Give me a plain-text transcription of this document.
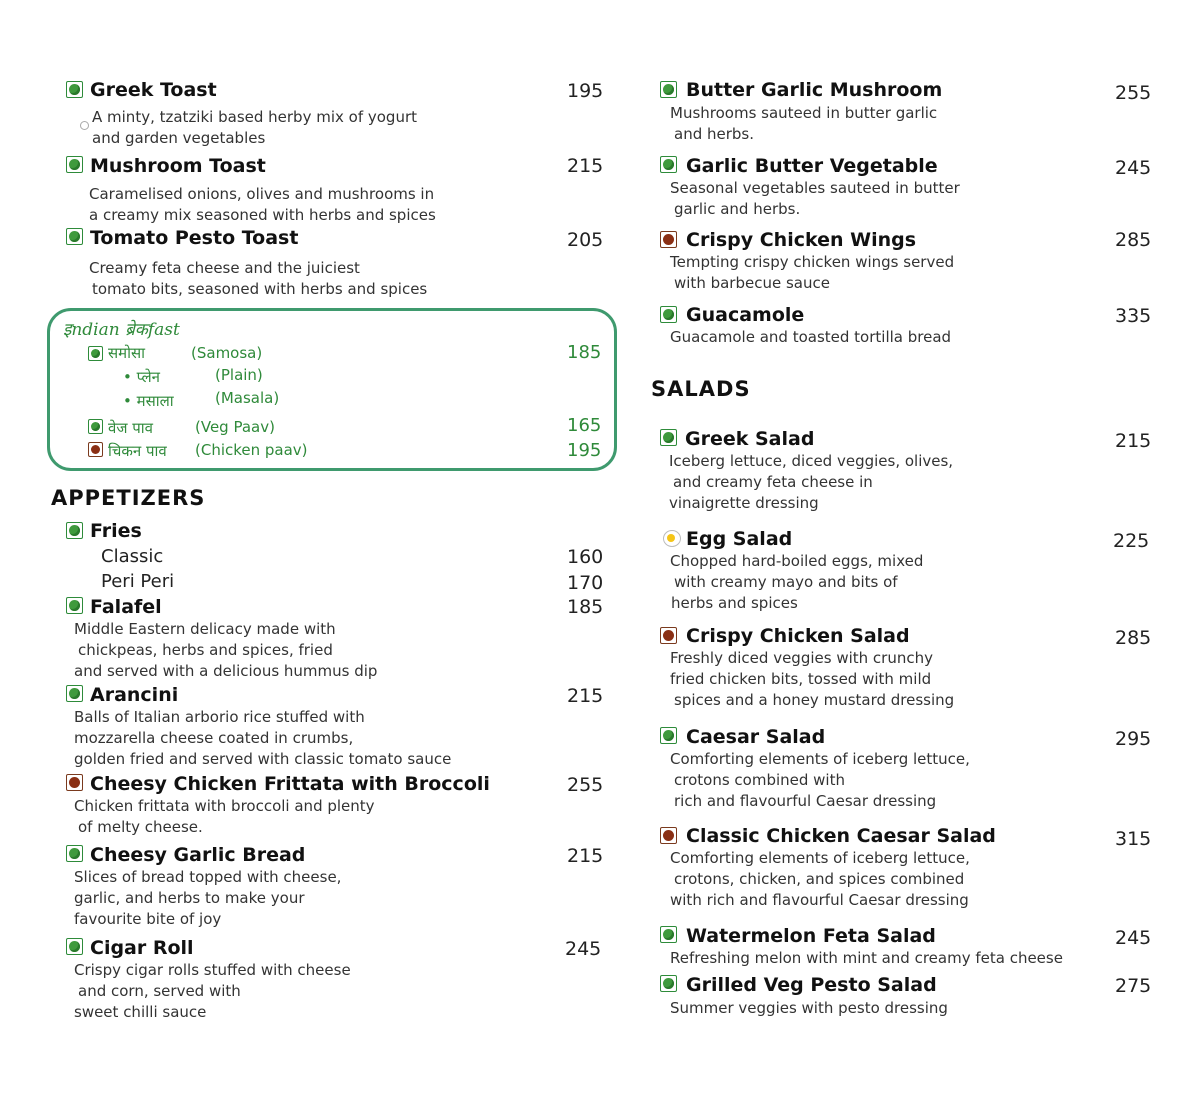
Greek Toast	195
A minty, tzatziki based herby mix of yogurt
and garden vegetables
Mushroom Toast	215
Caramelised onions, olives and mushrooms in
a creamy mix seasoned with herbs and spices
Tomato Pesto Toast	205
Creamy feta cheese and the juiciest
tomato bits, seasoned with herbs and spices
इndian ब्रेकfast
समोसा	(Samosa)	185
• प्लेन	(Plain)
• मसाला	(Masala)
वेज पाव	(Veg Paav)	165
चिकन पाव (Chicken paav)	195
APPETIZERS
Fries
Classic	160
Peri Peri	170
Falafel	185
Middle Eastern delicacy made with
chickpeas, herbs and spices, fried
and served with a delicious hummus dip
Arancini	215
Balls of Italian arborio rice stuffed with
mozzarella cheese coated in crumbs,
golden fried and served with classic tomato sauce
Cheesy Chicken Frittata with Broccoli	255
Chicken frittata with broccoli and plenty
of melty cheese.
Cheesy Garlic Bread	215
Slices of bread topped with cheese,
garlic, and herbs to make your
favourite bite of joy
Cigar Roll	245
Crispy cigar rolls stuffed with cheese
and corn, served with
sweet chilli sauce
Butter Garlic Mushroom	255
Mushrooms sauteed in butter garlic
and herbs.
Garlic Butter Vegetable	245
Seasonal vegetables sauteed in butter
garlic and herbs.
Crispy Chicken Wings	285
Tempting crispy chicken wings served
with barbecue sauce
Guacamole	335
Guacamole and toasted tortilla bread
SALADS
Greek Salad	215
Iceberg lettuce, diced veggies, olives,
and creamy feta cheese in
vinaigrette dressing
Egg Salad	225
Chopped hard-boiled eggs, mixed
with creamy mayo and bits of
herbs and spices
Crispy Chicken Salad	285
Freshly diced veggies with crunchy
fried chicken bits, tossed with mild
spices and a honey mustard dressing
Caesar Salad	295
Comforting elements of iceberg lettuce,
crotons combined with
rich and flavourful Caesar dressing
Classic Chicken Caesar Salad	315
Comforting elements of iceberg lettuce,
crotons, chicken, and spices combined
with rich and flavourful Caesar dressing
Watermelon Feta Salad	245
Refreshing melon with mint and creamy feta cheese
Grilled Veg Pesto Salad	275
Summer veggies with pesto dressing
